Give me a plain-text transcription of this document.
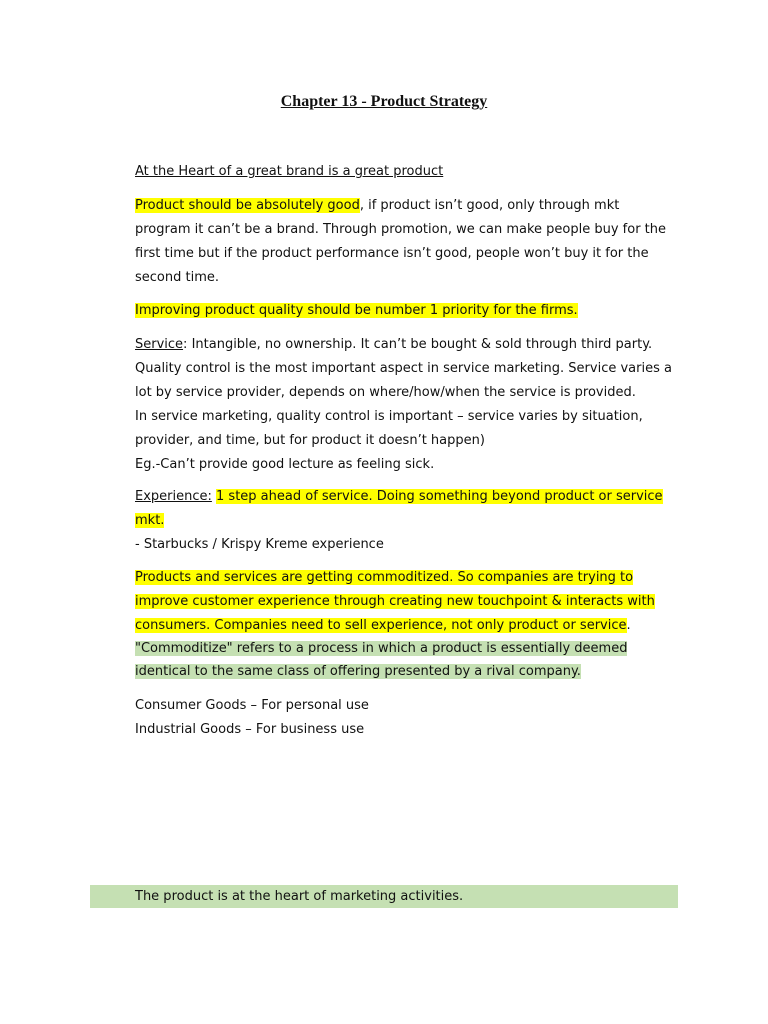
Chapter 13 - Product Strategy
At the Heart of a great brand is a great product
Product should be absolutely good, if product isn’t good, only through mkt
program it can’t be a brand. Through promotion, we can make people buy for the
first time but if the product performance isn’t good, people won’t buy it for the
second time.
Improving product quality should be number 1 priority for the firms.
Service: Intangible, no ownership. It can’t be bought & sold through third party.
Quality control is the most important aspect in service marketing. Service varies a
lot by service provider, depends on where/how/when the service is provided.
In service marketing, quality control is important – service varies by situation,
provider, and time, but for product it doesn’t happen)
Eg.-Can’t provide good lecture as feeling sick.
Experience: 1 step ahead of service. Doing something beyond product or service
mkt.
- Starbucks / Krispy Kreme experience
Products and services are getting commoditized. So companies are trying to
improve customer experience through creating new touchpoint & interacts with
consumers. Companies need to sell experience, not only product or service.
"Commoditize" refers to a process in which a product is essentially deemed
identical to the same class of offering presented by a rival company.
Consumer Goods – For personal use
Industrial Goods – For business use
The product is at the heart of marketing activities.
